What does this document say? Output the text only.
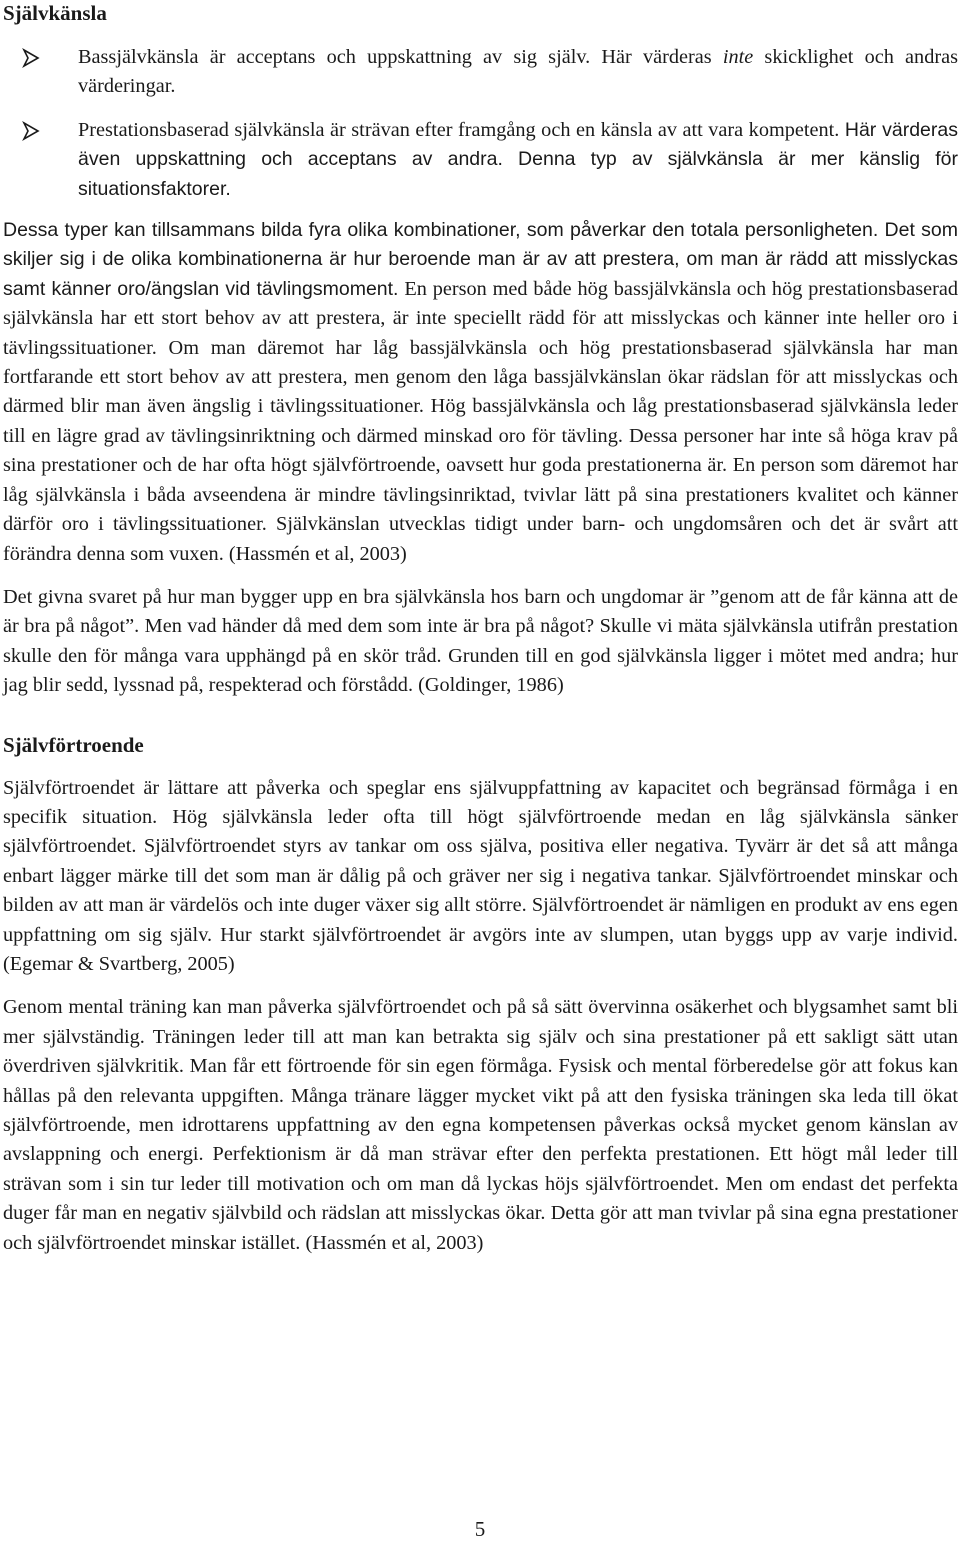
Självkänsla
Bassjälvkänsla är acceptans och uppskattning av sig själv. Här värderas inte skicklighet och andras värderingar.
Prestationsbaserad självkänsla är strävan efter framgång och en känsla av att vara kompetent. Här värderas även uppskattning och acceptans av andra. Denna typ av självkänsla är mer känslig för situationsfaktorer.

Dessa typer kan tillsammans bilda fyra olika kombinationer, som påverkar den totala personligheten. Det som skiljer sig i de olika kombinationerna är hur beroende man är av att prestera, om man är rädd att misslyckas samt känner oro/ängslan vid tävlingsmoment. En person med både hög bassjälvkänsla och hög prestationsbaserad självkänsla har ett stort behov av att prestera, är inte speciellt rädd för att misslyckas och känner inte heller oro i tävlingssituationer. Om man däremot har låg bassjälvkänsla och hög prestationsbaserad självkänsla har man fortfarande ett stort behov av att prestera, men genom den låga bassjälvkänslan ökar rädslan för att misslyckas och därmed blir man även ängslig i tävlingssituationer. Hög bassjälvkänsla och låg prestationsbaserad självkänsla leder till en lägre grad av tävlingsinriktning och därmed minskad oro för tävling. Dessa personer har inte så höga krav på sina prestationer och de har ofta högt självförtroende, oavsett hur goda prestationerna är. En person som däremot har låg självkänsla i båda avseendena är mindre tävlingsinriktad, tvivlar lätt på sina prestationers kvalitet och känner därför oro i tävlingssituationer. Självkänslan utvecklas tidigt under barn- och ungdomsåren och det är svårt att förändra denna som vuxen. (Hassmén et al, 2003)

Det givna svaret på hur man bygger upp en bra självkänsla hos barn och ungdomar är ”genom att de får känna att de är bra på något”. Men vad händer då med dem som inte är bra på något? Skulle vi mäta självkänsla utifrån prestation skulle den för många vara upphängd på en skör tråd. Grunden till en god självkänsla ligger i mötet med andra; hur jag blir sedd, lyssnad på, respekterad och förstådd. (Goldinger, 1986)

Självförtroende

Självförtroendet är lättare att påverka och speglar ens självuppfattning av kapacitet och begränsad förmåga i en specifik situation. Hög självkänsla leder ofta till högt självförtroende medan en låg självkänsla sänker självförtroendet. Självförtroendet styrs av tankar om oss själva, positiva eller negativa. Tyvärr är det så att många enbart lägger märke till det som man är dålig på och gräver ner sig i negativa tankar. Självförtroendet minskar och bilden av att man är värdelös och inte duger växer sig allt större. Självförtroendet är nämligen en produkt av ens egen uppfattning om sig själv. Hur starkt självförtroendet är avgörs inte av slumpen, utan byggs upp av varje individ. (Egemar & Svartberg, 2005)

Genom mental träning kan man påverka självförtroendet och på så sätt övervinna osäkerhet och blygsamhet samt bli mer självständig. Träningen leder till att man kan betrakta sig själv och sina prestationer på ett sakligt sätt utan överdriven självkritik. Man får ett förtroende för sin egen förmåga. Fysisk och mental förberedelse gör att fokus kan hållas på den relevanta uppgiften. Många tränare lägger mycket vikt på att den fysiska träningen ska leda till ökat självförtroende, men idrottarens uppfattning av den egna kompetensen påverkas också mycket genom känslan av avslappning och energi. Perfektionism är då man strävar efter den perfekta prestationen. Ett högt mål leder till strävan som i sin tur leder till motivation och om man då lyckas höjs självförtroendet. Men om endast det perfekta duger får man en negativ självbild och rädslan att misslyckas ökar. Detta gör att man tvivlar på sina egna prestationer och självförtroendet minskar istället. (Hassmén et al, 2003)

5
